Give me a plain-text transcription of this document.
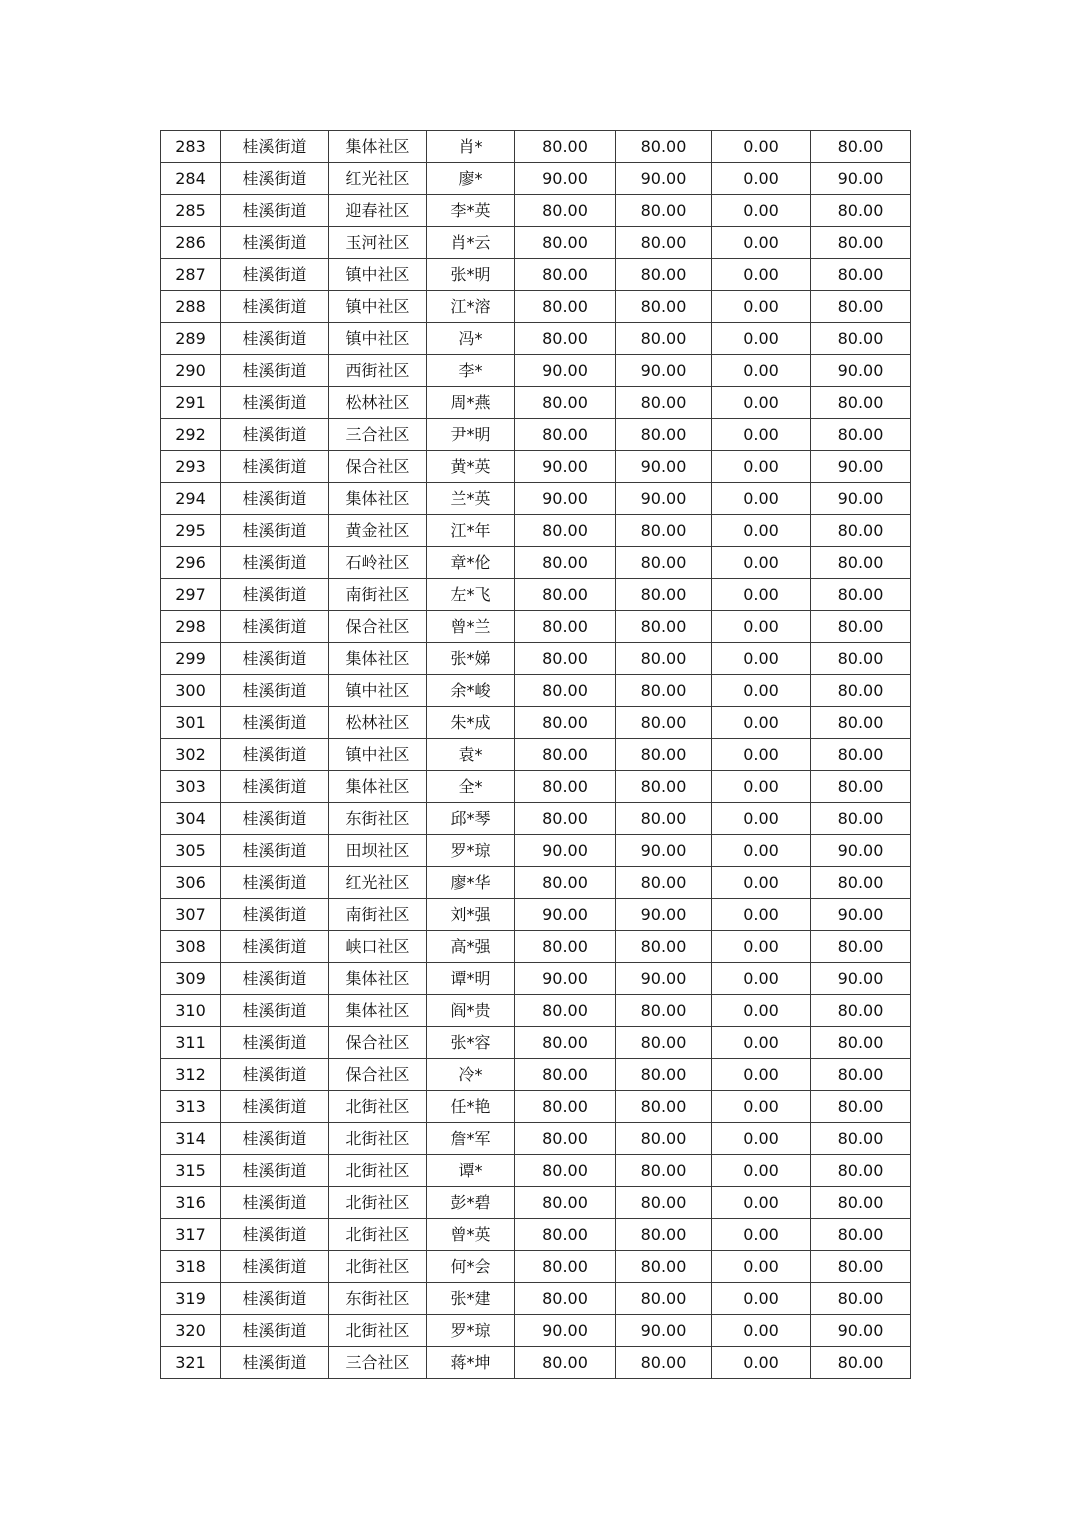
283	桂溪街道	集体社区	肖*	80.00	80.00	0.00	80.00
284	桂溪街道	红光社区	廖*	90.00	90.00	0.00	90.00
285	桂溪街道	迎春社区	李*英	80.00	80.00	0.00	80.00
286	桂溪街道	玉河社区	肖*云	80.00	80.00	0.00	80.00
287	桂溪街道	镇中社区	张*明	80.00	80.00	0.00	80.00
288	桂溪街道	镇中社区	江*溶	80.00	80.00	0.00	80.00
289	桂溪街道	镇中社区	冯*	80.00	80.00	0.00	80.00
290	桂溪街道	西街社区	李*	90.00	90.00	0.00	90.00
291	桂溪街道	松林社区	周*燕	80.00	80.00	0.00	80.00
292	桂溪街道	三合社区	尹*明	80.00	80.00	0.00	80.00
293	桂溪街道	保合社区	黄*英	90.00	90.00	0.00	90.00
294	桂溪街道	集体社区	兰*英	90.00	90.00	0.00	90.00
295	桂溪街道	黄金社区	江*年	80.00	80.00	0.00	80.00
296	桂溪街道	石岭社区	章*伦	80.00	80.00	0.00	80.00
297	桂溪街道	南街社区	左*飞	80.00	80.00	0.00	80.00
298	桂溪街道	保合社区	曾*兰	80.00	80.00	0.00	80.00
299	桂溪街道	集体社区	张*娣	80.00	80.00	0.00	80.00
300	桂溪街道	镇中社区	余*峻	80.00	80.00	0.00	80.00
301	桂溪街道	松林社区	朱*成	80.00	80.00	0.00	80.00
302	桂溪街道	镇中社区	袁*	80.00	80.00	0.00	80.00
303	桂溪街道	集体社区	全*	80.00	80.00	0.00	80.00
304	桂溪街道	东街社区	邱*琴	80.00	80.00	0.00	80.00
305	桂溪街道	田坝社区	罗*琼	90.00	90.00	0.00	90.00
306	桂溪街道	红光社区	廖*华	80.00	80.00	0.00	80.00
307	桂溪街道	南街社区	刘*强	90.00	90.00	0.00	90.00
308	桂溪街道	峡口社区	高*强	80.00	80.00	0.00	80.00
309	桂溪街道	集体社区	谭*明	90.00	90.00	0.00	90.00
310	桂溪街道	集体社区	阎*贵	80.00	80.00	0.00	80.00
311	桂溪街道	保合社区	张*容	80.00	80.00	0.00	80.00
312	桂溪街道	保合社区	冷*	80.00	80.00	0.00	80.00
313	桂溪街道	北街社区	任*艳	80.00	80.00	0.00	80.00
314	桂溪街道	北街社区	詹*军	80.00	80.00	0.00	80.00
315	桂溪街道	北街社区	谭*	80.00	80.00	0.00	80.00
316	桂溪街道	北街社区	彭*碧	80.00	80.00	0.00	80.00
317	桂溪街道	北街社区	曾*英	80.00	80.00	0.00	80.00
318	桂溪街道	北街社区	何*会	80.00	80.00	0.00	80.00
319	桂溪街道	东街社区	张*建	80.00	80.00	0.00	80.00
320	桂溪街道	北街社区	罗*琼	90.00	90.00	0.00	90.00
321	桂溪街道	三合社区	蒋*坤	80.00	80.00	0.00	80.00
